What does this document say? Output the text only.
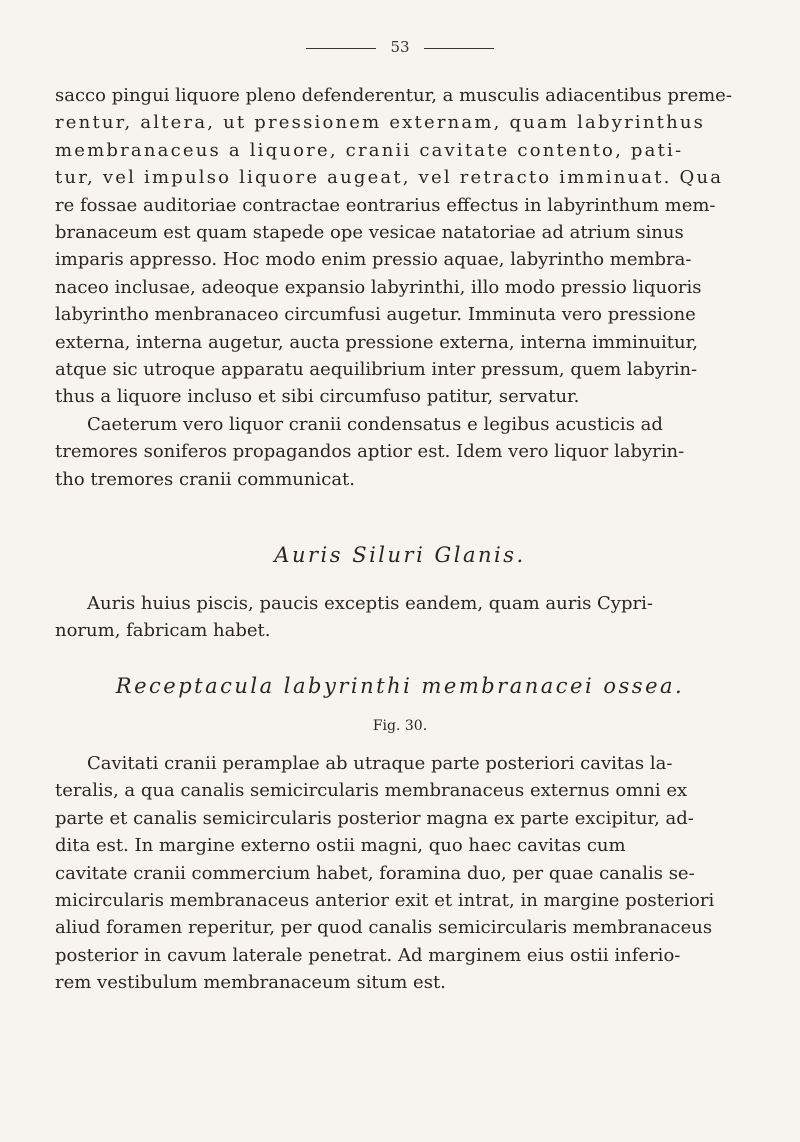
53

sacco pingui liquore pleno defenderentur, a musculis adiacentibus preme-

rentur, altera, ut pressionem externam, quam labyrinthus

membranaceus a liquore, cranii cavitate contento, pati-

tur, vel impulso liquore augeat, vel retracto imminuat. Qua

re fossae auditoriae contractae eontrarius effectus in labyrinthum mem-

branaceum est quam stapede ope vesicae natatoriae ad atrium sinus

imparis appresso. Hoc modo enim pressio aquae, labyrintho membra-

naceo inclusae, adeoque expansio labyrinthi, illo modo pressio liquoris

labyrintho menbranaceo circumfusi augetur. Imminuta vero pressione

externa, interna augetur, aucta pressione externa, interna imminuitur,

atque sic utroque apparatu aequilibrium inter pressum, quem labyrin-

thus a liquore incluso et sibi circumfuso patitur, servatur.

Caeterum vero liquor cranii condensatus e legibus acusticis ad

tremores soniferos propagandos aptior est. Idem vero liquor labyrin-

tho tremores cranii communicat.

Auris Siluri Glanis.

Auris huius piscis, paucis exceptis eandem, quam auris Cypri-

norum, fabricam habet.

Receptacula labyrinthi membranacei ossea.
Fig. 30.

Cavitati cranii peramplae ab utraque parte posteriori cavitas la-

teralis, a qua canalis semicircularis membranaceus externus omni ex

parte et canalis semicircularis posterior magna ex parte excipitur, ad-

dita est. In margine externo ostii magni, quo haec cavitas cum

cavitate cranii commercium habet, foramina duo, per quae canalis se-

micircularis membranaceus anterior exit et intrat, in margine posteriori

aliud foramen reperitur, per quod canalis semicircularis membranaceus

posterior in cavum laterale penetrat. Ad marginem eius ostii inferio-

rem vestibulum membranaceum situm est.
